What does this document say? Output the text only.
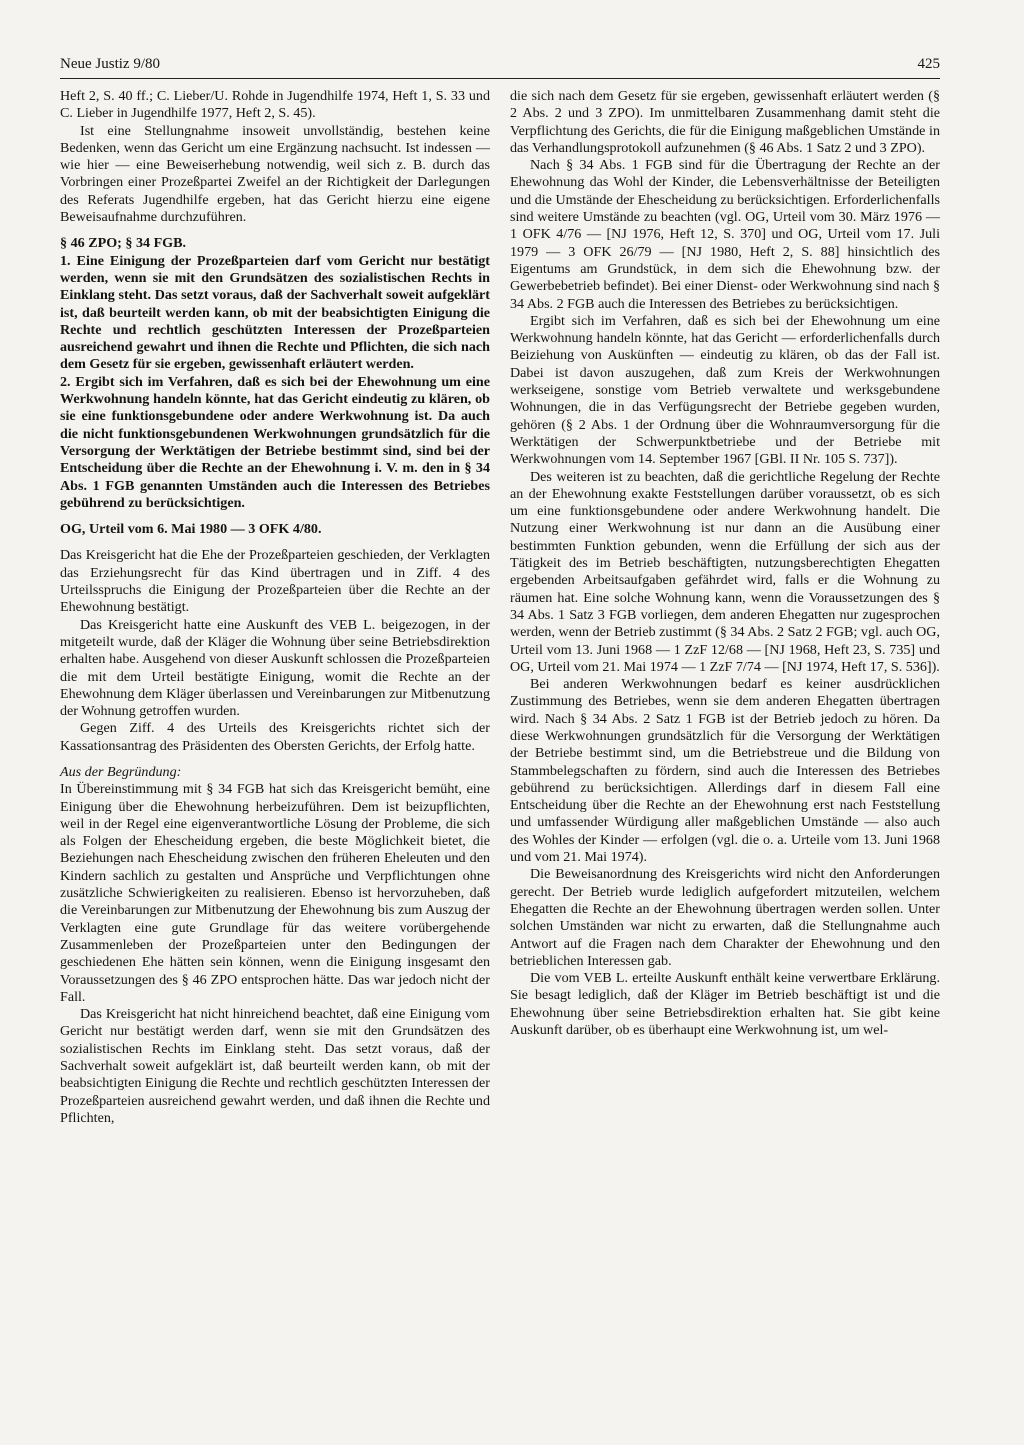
Neue Justiz 9/80	425

Heft 2, S. 40 ff.; C. Lieber/U. Rohde in Jugendhilfe 1974, Heft 1, S. 33 und C. Lieber in Jugendhilfe 1977, Heft 2, S. 45).

Ist eine Stellungnahme insoweit unvollständig, bestehen keine Bedenken, wenn das Gericht um eine Ergänzung nachsucht. Ist indessen — wie hier — eine Beweiserhebung notwendig, weil sich z. B. durch das Vorbringen einer Prozeßpartei Zweifel an der Richtigkeit der Darlegungen des Referats Jugendhilfe ergeben, hat das Gericht hierzu eine eigene Beweisaufnahme durchzuführen.

§ 46 ZPO; § 34 FGB.

1. Eine Einigung der Prozeßparteien darf vom Gericht nur bestätigt werden, wenn sie mit den Grundsätzen des sozialistischen Rechts in Einklang steht. Das setzt voraus, daß der Sachverhalt soweit aufgeklärt ist, daß beurteilt werden kann, ob mit der beabsichtigten Einigung die Rechte und rechtlich geschützten Interessen der Prozeßparteien ausreichend gewahrt und ihnen die Rechte und Pflichten, die sich nach dem Gesetz für sie ergeben, gewissenhaft erläutert werden.

2. Ergibt sich im Verfahren, daß es sich bei der Ehewohnung um eine Werkwohnung handeln könnte, hat das Gericht eindeutig zu klären, ob sie eine funktionsgebundene oder andere Werkwohnung ist. Da auch die nicht funktionsgebundenen Werkwohnungen grundsätzlich für die Versorgung der Werktätigen der Betriebe bestimmt sind, sind bei der Entscheidung über die Rechte an der Ehewohnung i. V. m. den in § 34 Abs. 1 FGB genannten Umständen auch die Interessen des Betriebes gebührend zu berücksichtigen.

OG, Urteil vom 6. Mai 1980 — 3 OFK 4/80.

Das Kreisgericht hat die Ehe der Prozeßparteien geschieden, der Verklagten das Erziehungsrecht für das Kind übertragen und in Ziff. 4 des Urteilsspruchs die Einigung der Prozeßparteien über die Rechte an der Ehewohnung bestätigt.

Das Kreisgericht hatte eine Auskunft des VEB L. beigezogen, in der mitgeteilt wurde, daß der Kläger die Wohnung über seine Betriebsdirektion erhalten habe. Ausgehend von dieser Auskunft schlossen die Prozeßparteien die mit dem Urteil bestätigte Einigung, womit die Rechte an der Ehewohnung dem Kläger überlassen und Vereinbarungen zur Mitbenutzung der Wohnung getroffen wurden.

Gegen Ziff. 4 des Urteils des Kreisgerichts richtet sich der Kassationsantrag des Präsidenten des Obersten Gerichts, der Erfolg hatte.

Aus der Begründung:

In Übereinstimmung mit § 34 FGB hat sich das Kreisgericht bemüht, eine Einigung über die Ehewohnung herbeizuführen. Dem ist beizupflichten, weil in der Regel eine eigenverantwortliche Lösung der Probleme, die sich als Folgen der Ehescheidung ergeben, die beste Möglichkeit bietet, die Beziehungen nach Ehescheidung zwischen den früheren Eheleuten und den Kindern sachlich zu gestalten und Ansprüche und Verpflichtungen ohne zusätzliche Schwierigkeiten zu realisieren. Ebenso ist hervorzuheben, daß die Vereinbarungen zur Mitbenutzung der Ehewohnung bis zum Auszug der Verklagten eine gute Grundlage für das weitere vorübergehende Zusammenleben der Prozeßparteien unter den Bedingungen der geschiedenen Ehe hätten sein können, wenn die Einigung insgesamt den Voraussetzungen des § 46 ZPO entsprochen hätte. Das war jedoch nicht der Fall.

Das Kreisgericht hat nicht hinreichend beachtet, daß eine Einigung vom Gericht nur bestätigt werden darf, wenn sie mit den Grundsätzen des sozialistischen Rechts im Einklang steht. Das setzt voraus, daß der Sachverhalt soweit aufgeklärt ist, daß beurteilt werden kann, ob mit der beabsichtigten Einigung die Rechte und rechtlich geschützten Interessen der Prozeßparteien ausreichend gewahrt werden, und daß ihnen die Rechte und Pflichten,

die sich nach dem Gesetz für sie ergeben, gewissenhaft erläutert werden (§ 2 Abs. 2 und 3 ZPO). Im unmittelbaren Zusammenhang damit steht die Verpflichtung des Gerichts, die für die Einigung maßgeblichen Umstände in das Verhandlungsprotokoll aufzunehmen (§ 46 Abs. 1 Satz 2 und 3 ZPO).

Nach § 34 Abs. 1 FGB sind für die Übertragung der Rechte an der Ehewohnung das Wohl der Kinder, die Lebensverhältnisse der Beteiligten und die Umstände der Ehescheidung zu berücksichtigen. Erforderlichenfalls sind weitere Umstände zu beachten (vgl. OG, Urteil vom 30. März 1976 — 1 OFK 4/76 — [NJ 1976, Heft 12, S. 370] und OG, Urteil vom 17. Juli 1979 — 3 OFK 26/79 — [NJ 1980, Heft 2, S. 88] hinsichtlich des Eigentums am Grundstück, in dem sich die Ehewohnung bzw. der Gewerbebetrieb befindet). Bei einer Dienst- oder Werkwohnung sind nach § 34 Abs. 2 FGB auch die Interessen des Betriebes zu berücksichtigen.

Ergibt sich im Verfahren, daß es sich bei der Ehewohnung um eine Werkwohnung handeln könnte, hat das Gericht — erforderlichenfalls durch Beiziehung von Auskünften — eindeutig zu klären, ob das der Fall ist. Dabei ist davon auszugehen, daß zum Kreis der Werkwohnungen werkseigene, sonstige vom Betrieb verwaltete und werksgebundene Wohnungen, die in das Verfügungsrecht der Betriebe gegeben wurden, gehören (§ 2 Abs. 1 der Ordnung über die Wohnraumversorgung für die Werktätigen der Schwerpunktbetriebe und der Betriebe mit Werkwohnungen vom 14. September 1967 [GBl. II Nr. 105 S. 737]).

Des weiteren ist zu beachten, daß die gerichtliche Regelung der Rechte an der Ehewohnung exakte Feststellungen darüber voraussetzt, ob es sich um eine funktionsgebundene oder andere Werkwohnung handelt. Die Nutzung einer Werkwohnung ist nur dann an die Ausübung einer bestimmten Funktion gebunden, wenn die Erfüllung der sich aus der Tätigkeit des im Betrieb beschäftigten, nutzungsberechtigten Ehegatten ergebenden Arbeitsaufgaben gefährdet wird, falls er die Wohnung zu räumen hat. Eine solche Wohnung kann, wenn die Voraussetzungen des § 34 Abs. 1 Satz 3 FGB vorliegen, dem anderen Ehegatten nur zugesprochen werden, wenn der Betrieb zustimmt (§ 34 Abs. 2 Satz 2 FGB; vgl. auch OG, Urteil vom 13. Juni 1968 — 1 ZzF 12/68 — [NJ 1968, Heft 23, S. 735] und OG, Urteil vom 21. Mai 1974 — 1 ZzF 7/74 — [NJ 1974, Heft 17, S. 536]).

Bei anderen Werkwohnungen bedarf es keiner ausdrücklichen Zustimmung des Betriebes, wenn sie dem anderen Ehegatten übertragen wird. Nach § 34 Abs. 2 Satz 1 FGB ist der Betrieb jedoch zu hören. Da diese Werkwohnungen grundsätzlich für die Versorgung der Werktätigen der Betriebe bestimmt sind, um die Betriebstreue und die Bildung von Stammbelegschaften zu fördern, sind auch die Interessen des Betriebes gebührend zu berücksichtigen. Allerdings darf in diesem Fall eine Entscheidung über die Rechte an der Ehewohnung erst nach Feststellung und umfassender Würdigung aller maßgeblichen Umstände — also auch des Wohles der Kinder — erfolgen (vgl. die o. a. Urteile vom 13. Juni 1968 und vom 21. Mai 1974).

Die Beweisanordnung des Kreisgerichts wird nicht den Anforderungen gerecht. Der Betrieb wurde lediglich aufgefordert mitzuteilen, welchem Ehegatten die Rechte an der Ehewohnung übertragen werden sollen. Unter solchen Umständen war nicht zu erwarten, daß die Stellungnahme auch Antwort auf die Fragen nach dem Charakter der Ehewohnung und den betrieblichen Interessen gab.

Die vom VEB L. erteilte Auskunft enthält keine verwertbare Erklärung. Sie besagt lediglich, daß der Kläger im Betrieb beschäftigt ist und die Ehewohnung über seine Betriebsdirektion erhalten hat. Sie gibt keine Auskunft darüber, ob es überhaupt eine Werkwohnung ist, um wel-
